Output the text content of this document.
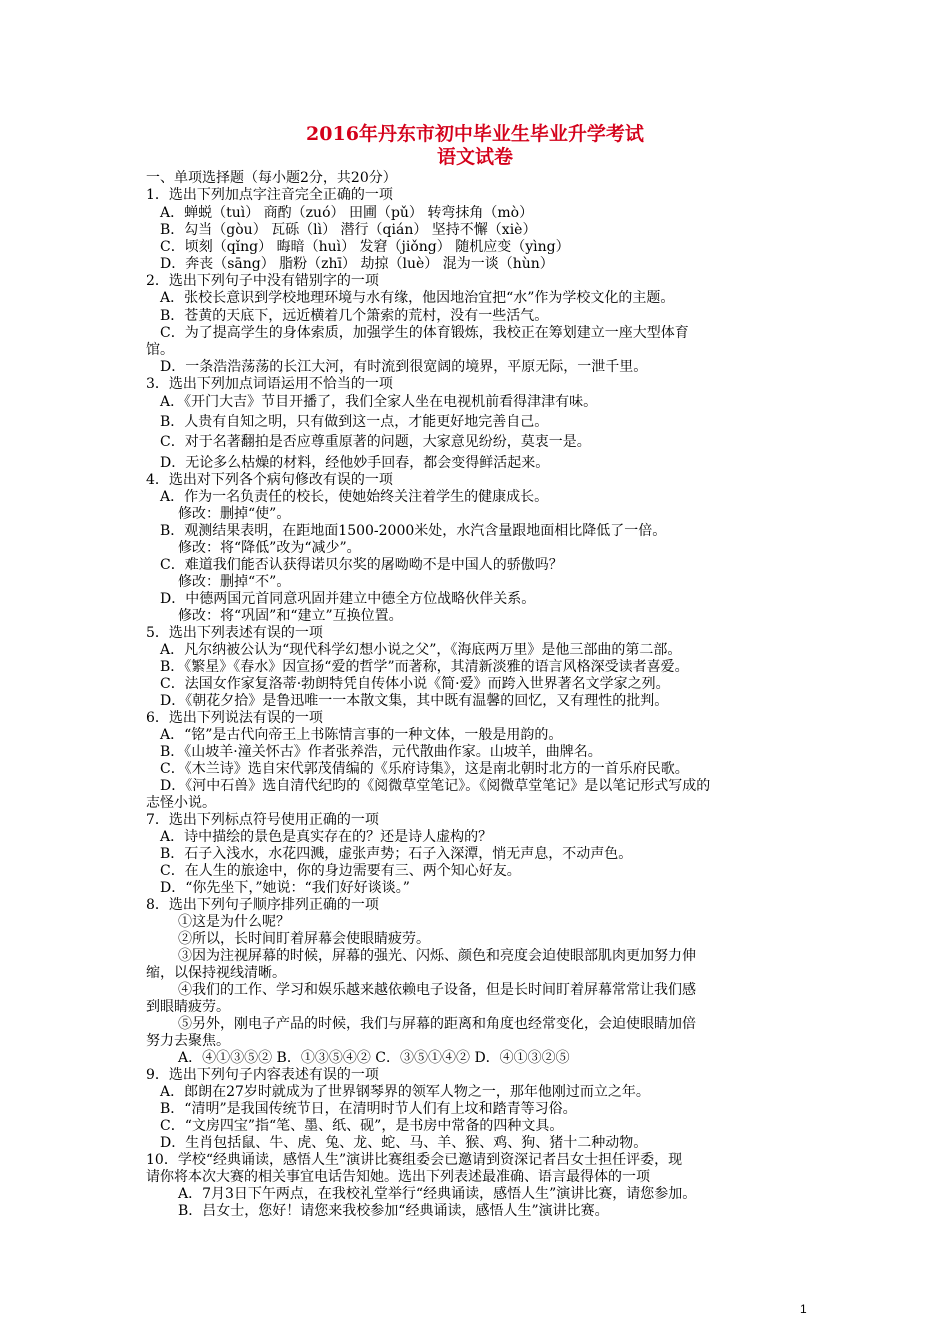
2016年丹东市初中毕业生毕业升学考试
语文试卷
一、单项选择题（每小题2分，共20分）
1．选出下列加点字注音完全正确的一项
A．蝉蜕（tuì） 商酌（zuó） 田圃（pǔ） 转弯抹角（mò）
B．勾当（gòu） 瓦砾（lì） 潜行（qián） 坚持不懈（xiè）
C．顷刻（qǐng） 晦暗（huì） 发窘（jiǒng） 随机应变（yìng）
D．奔丧（sāng） 脂粉（zhī） 劫掠（luè） 混为一谈（hùn）
2．选出下列句子中没有错别字的一项
A．张校长意识到学校地理环境与水有缘，他因地治宜把“水”作为学校文化的主题。
B．苍黄的天底下，远近横着几个箫索的荒村，没有一些活气。
C．为了提高学生的身体索质，加强学生的体育锻炼，我校正在筹划建立一座大型体育
馆。
D．一条浩浩荡荡的长江大河，有时流到很宽阔的境界，平原无际，一泄千里。
3．选出下列加点词语运用不恰当的一项
A．《开门大吉》节目开播了，我们全家人坐在电视机前看得津津有味。
B．人贵有自知之明，只有做到这一点，才能更好地完善自己。
C．对于名著翻拍是否应尊重原著的问题，大家意见纷纷，莫衷一是。
D．无论多么枯燥的材料，经他妙手回春，都会变得鲜活起来。
4．选出对下列各个病句修改有误的一项
A．作为一名负责任的校长，使她始终关注着学生的健康成长。
修改：删掉“使”。
B．观测结果表明，在距地面1500-2000米处，水汽含量跟地面相比降低了一倍。
修改：将“降低”改为“减少”。
C．难道我们能否认获得诺贝尔奖的屠呦呦不是中国人的骄傲吗？
修改：删掉“不”。
D．中德两国元首同意巩固并建立中德全方位战略伙伴关系。
修改：将“巩固”和“建立”互换位置。
5．选出下列表述有误的一项
A．凡尔纳被公认为“现代科学幻想小说之父”，《海底两万里》是他三部曲的第二部。
B．《繁星》《春水》因宣扬“爱的哲学”而著称，其清新淡雅的语言风格深受读者喜爱。
C．法国女作家复洛蒂·勃朗特凭自传体小说《简·爱》而跨入世界著名文学家之列。
D．《朝花夕拾》是鲁迅唯一一本散文集，其中既有温馨的回忆，又有理性的批判。
6．选出下列说法有误的一项
A．“铭”是古代向帝王上书陈情言事的一种文体，一般是用韵的。
B．《山坡羊·潼关怀古》作者张养浩，元代散曲作家。山坡羊，曲牌名。
C．《木兰诗》选自宋代郭茂倩编的《乐府诗集》，这是南北朝时北方的一首乐府民歌。
D．《河中石兽》选自清代纪昀的《阅微草堂笔记》。《阅微草堂笔记》是以笔记形式写成的
志怪小说。
7．选出下列标点符号使用正确的一项
A．诗中描绘的景色是真实存在的？还是诗人虚构的？
B．石子入浅水，水花四溅，虚张声势；石子入深潭，悄无声息，不动声色。
C．在人生的旅途中，你的身边需要有三、两个知心好友。
D．“你先坐下，”她说：“我们好好谈谈。”
8．选出下列句子顺序排列正确的一项
①这是为什么呢？
②所以，长时间盯着屏幕会使眼睛疲劳。
③因为注视屏幕的时候，屏幕的强光、闪烁、颜色和亮度会迫使眼部肌肉更加努力伸
缩，以保持视线清晰。
④我们的工作、学习和娱乐越来越依赖电子设备，但是长时间盯着屏幕常常让我们感
到眼睛疲劳。
⑤另外，刚电子产品的时候，我们与屏幕的距离和角度也经常变化，会迫使眼睛加倍
努力去聚焦。
A．④①③⑤② B．①③⑤④② C．③⑤①④② D．④①③②⑤
9．选出下列句子内容表述有误的一项
A．郎朗在27岁时就成为了世界钢琴界的领军人物之一，那年他刚过而立之年。
B．“清明”是我国传统节日，在清明时节人们有上坟和踏青等习俗。
C．“文房四宝”指“笔、墨、纸、砚”，是书房中常备的四种文具。
D．生肖包括鼠、牛、虎、兔、龙、蛇、马、羊、猴、鸡、狗、猪十二种动物。
10．学校“经典诵读，感悟人生”演讲比赛组委会已邀请到资深记者吕女士担任评委，现
请你将本次大赛的相关事宜电话告知她。选出下列表述最准确、语言最得体的一项
A．7月3日下午两点，在我校礼堂举行“经典诵读，感悟人生”演讲比赛，请您参加。
B．吕女士，您好！请您来我校参加“经典诵读，感悟人生”演讲比赛。
1
